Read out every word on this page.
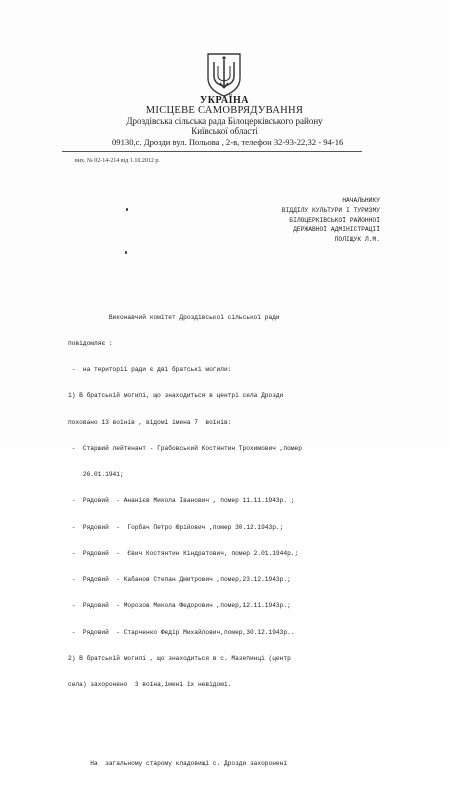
УКРАЇНА
МІСЦЕВЕ САМОВРЯДУВАННЯ
Дроздівська сільська рада Білоцерківського району
Київської області
09130,с. Дрозди вул. Польова , 2-в, телефон 32-93-22,32 - 94-16
вих. № 02-14-214 від 1.10.2012 р.
НАЧАЛЬНИКУ
ВІДДІЛУ КУЛЬТУРИ І ТУРИЗМУ
БІЛОЦЕРКІВСЬКОЇ РАЙОННОЇ
ДЕРЖАВНОЇ АДМІНІСТРАЦІЇ
ПОЛІЩУК Л.М.

Виконавчий комітет Дроздівської сільської ради

повідомляє :

-  на території ради є дві братські могили:

1) В братській могилі, що знаходиться в центрі села Дрозди

поховано 13 воїнів , відомі імена 7  воїнів:

-  Старший лейтенант - Грабовський Костянтин Трохимович ,помер

26.01.1941;

-  Рядовий  - Ананієв Микола Іванович , помер 11.11.1943р. ;

-  Рядовий  -  Горбач Петро Юрійович ,помер 30.12.1943р.;

-  Рядовий  -  Євич Костянтин Кіндратович, помер 2.01.1944р.;

-  Рядовий  - Кабанов Степан Дмитрович ,помер,23.12.1943р.;

-  Рядовий  - Морозов Микола Федорович ,помер,12.11.1943р.;

-  Рядовий  - Старченко Федір Михайлович,помер,30.12.1943р..

2) В братській могилі , що знаходиться в с. Мазепинці (центр

села) захоронено  3 воїна,імені їх невідомі.

На  загальному старому кладовищі с. Дрозди захоронені
